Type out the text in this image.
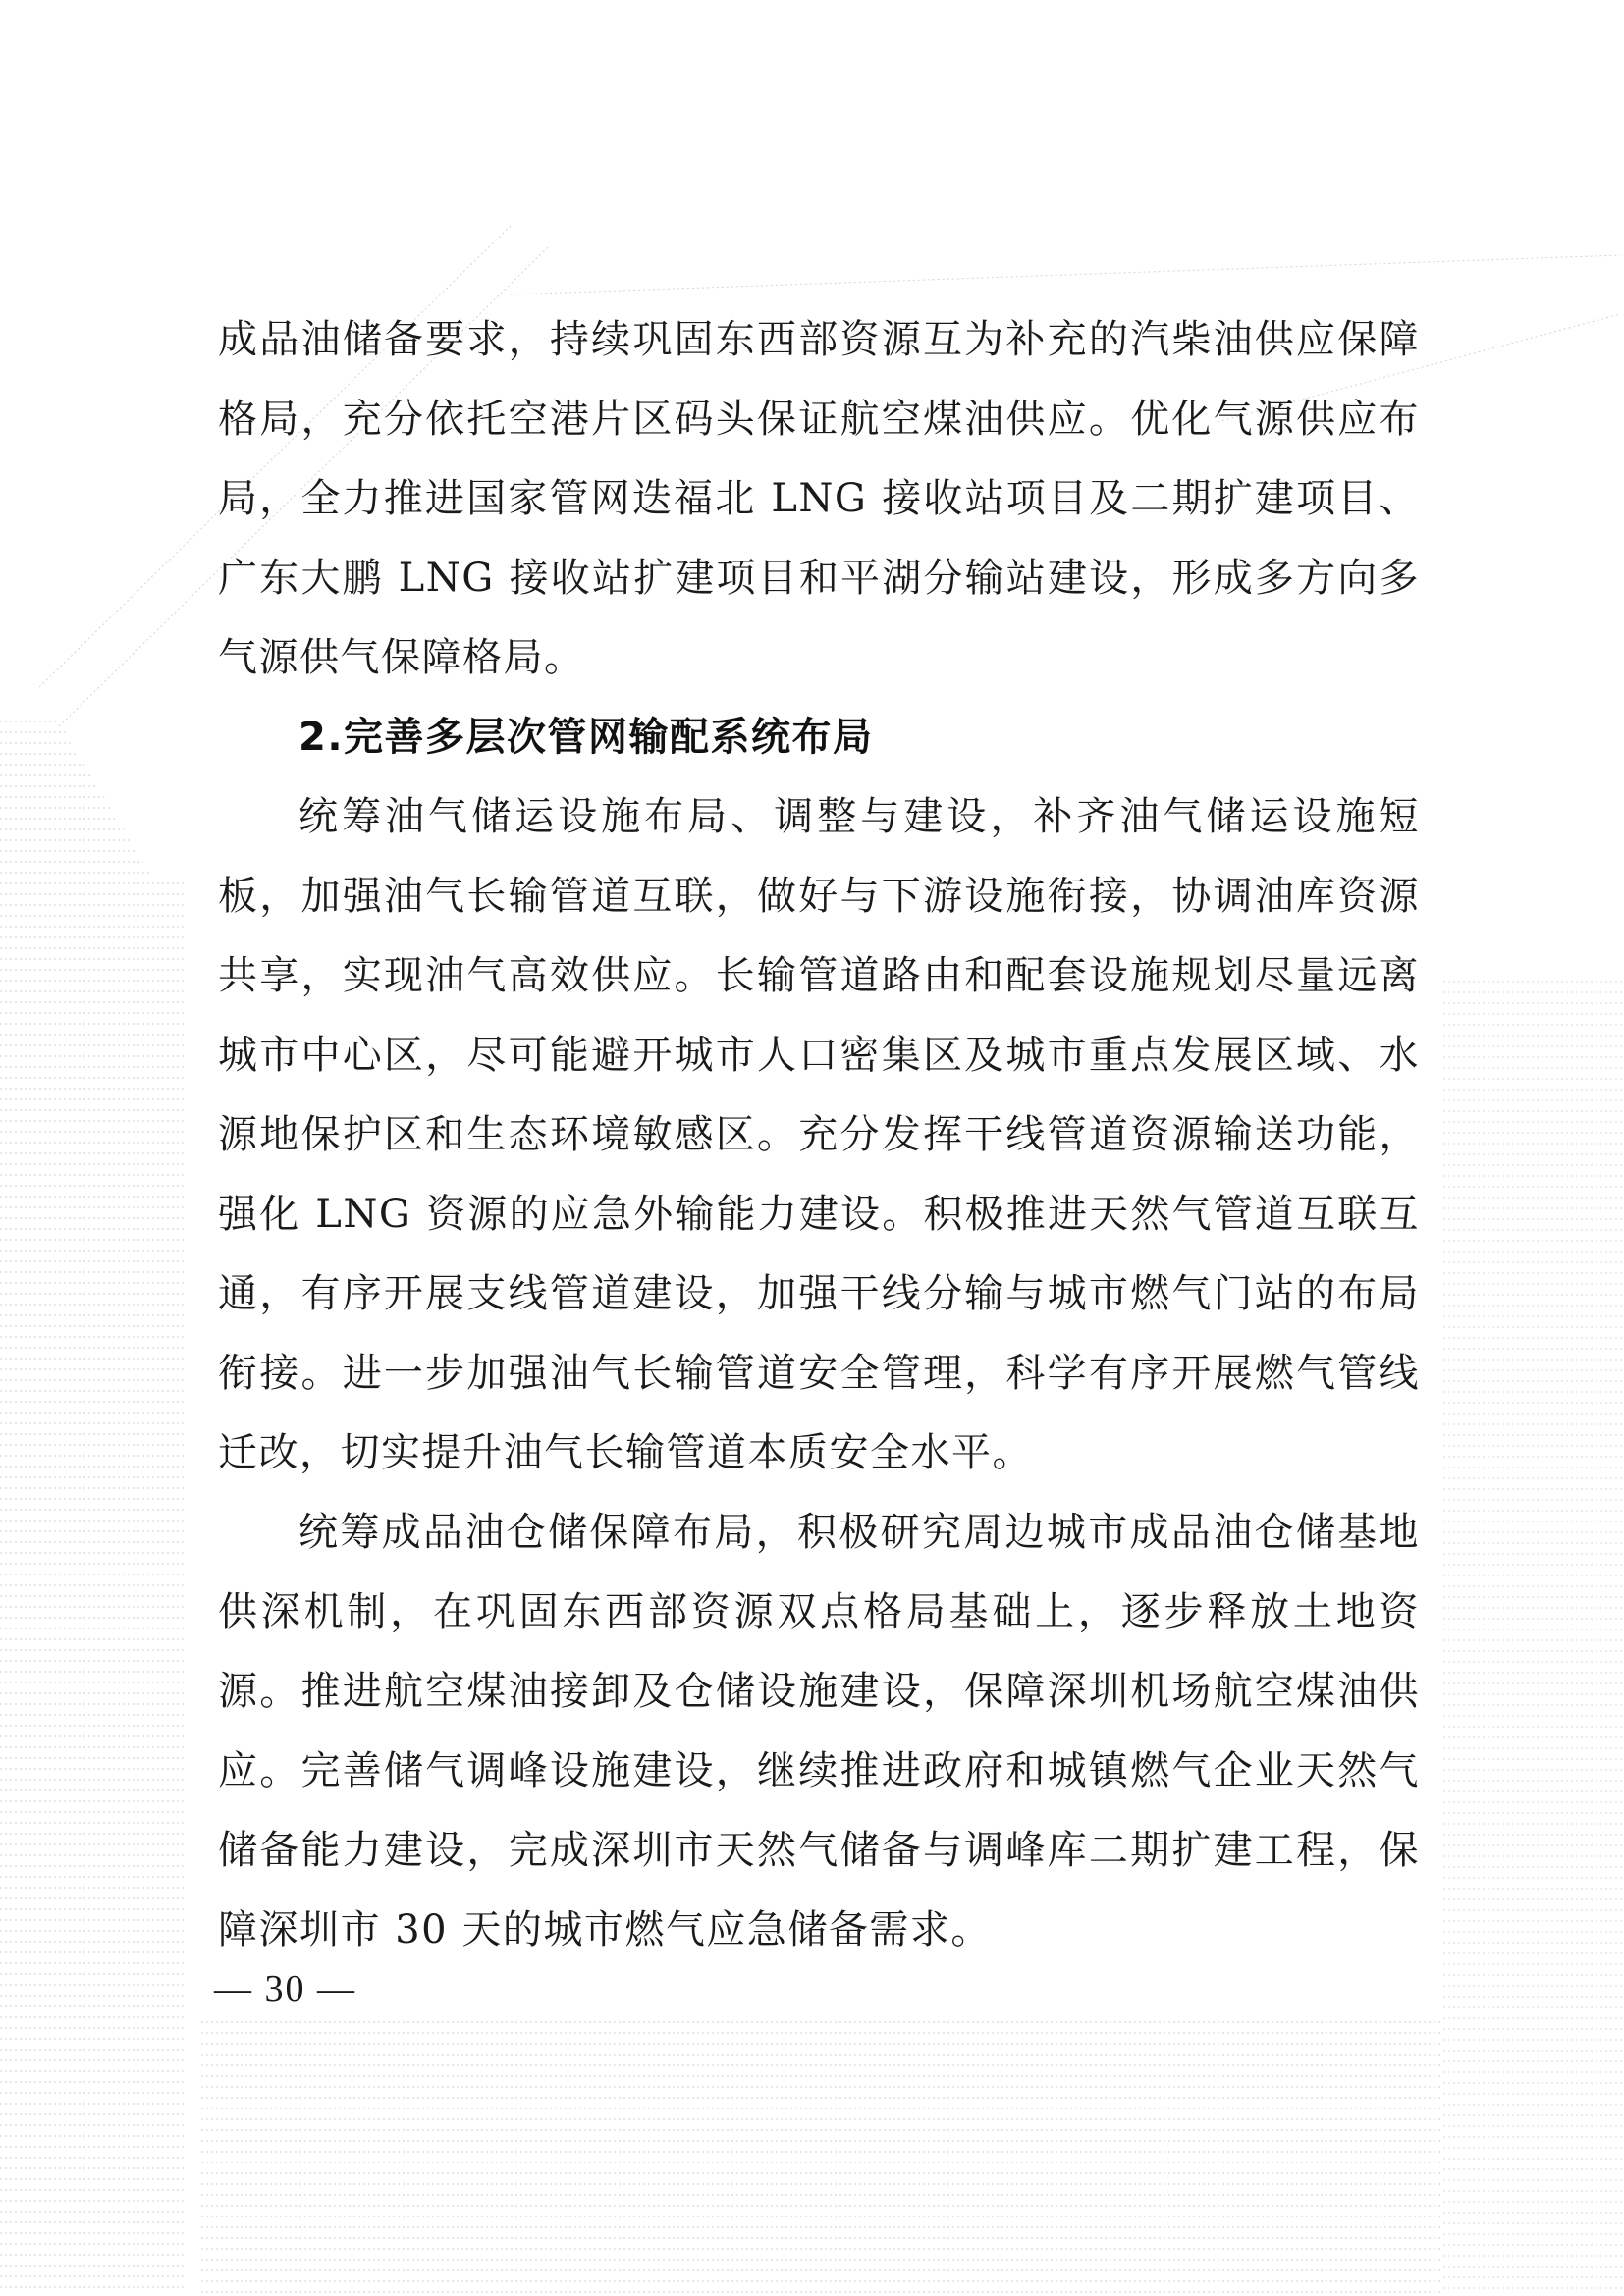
成品油储备要求，持续巩固东西部资源互为补充的汽柴油供应保障格局，充分依托空港片区码头保证航空煤油供应。优化气源供应布局，全力推进国家管网迭福北 LNG 接收站项目及二期扩建项目、广东大鹏 LNG 接收站扩建项目和平湖分输站建设，形成多方向多气源供气保障格局。

2.完善多层次管网输配系统布局

统筹油气储运设施布局、调整与建设，补齐油气储运设施短板，加强油气长输管道互联，做好与下游设施衔接，协调油库资源共享，实现油气高效供应。长输管道路由和配套设施规划尽量远离城市中心区，尽可能避开城市人口密集区及城市重点发展区域、水源地保护区和生态环境敏感区。充分发挥干线管道资源输送功能，强化 LNG 资源的应急外输能力建设。积极推进天然气管道互联互通，有序开展支线管道建设，加强干线分输与城市燃气门站的布局衔接。进一步加强油气长输管道安全管理，科学有序开展燃气管线迁改，切实提升油气长输管道本质安全水平。

统筹成品油仓储保障布局，积极研究周边城市成品油仓储基地供深机制，在巩固东西部资源双点格局基础上，逐步释放土地资源。推进航空煤油接卸及仓储设施建设，保障深圳机场航空煤油供应。完善储气调峰设施建设，继续推进政府和城镇燃气企业天然气储备能力建设，完成深圳市天然气储备与调峰库二期扩建工程，保障深圳市 30 天的城市燃气应急储备需求。

— 30 —
